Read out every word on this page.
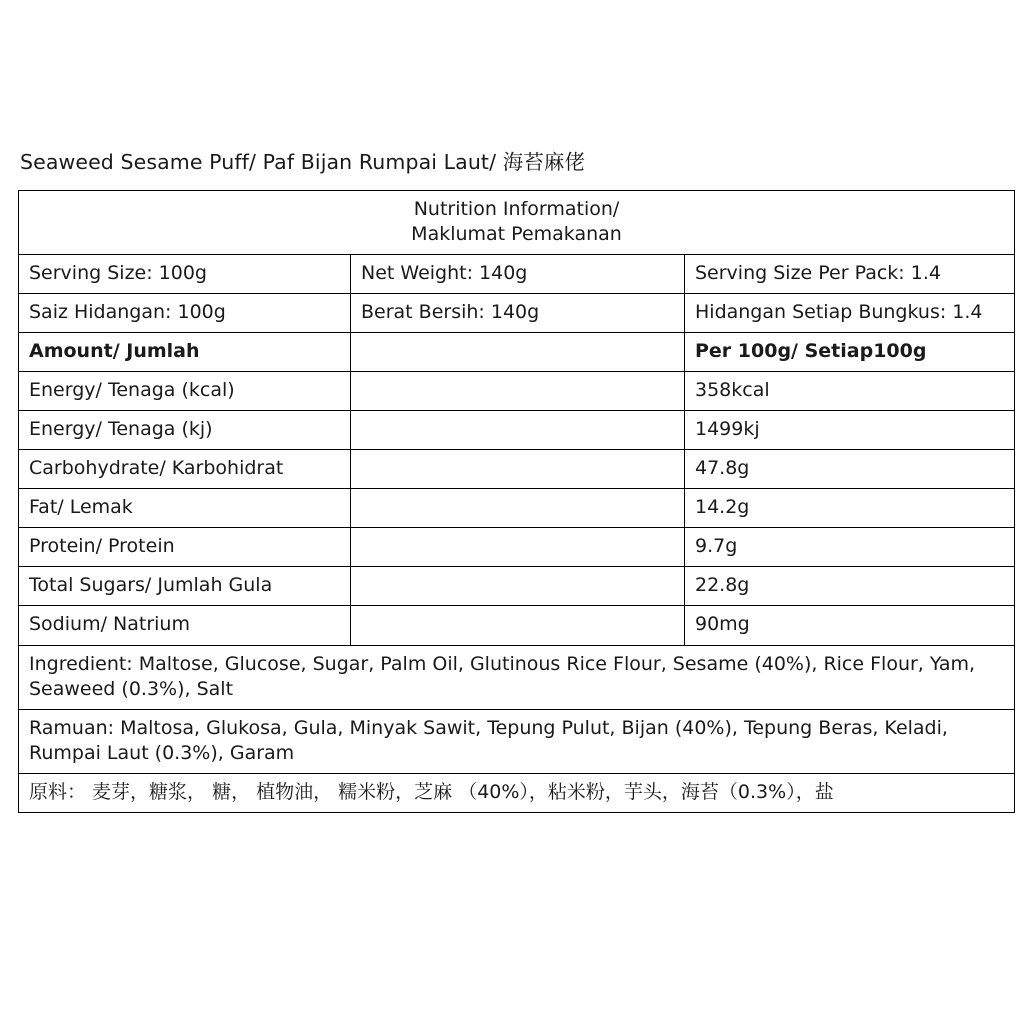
Seaweed Sesame Puff/ Paf Bijan Rumpai Laut/ 海苔麻佬
Nutrition Information/
Maklumat Pemakanan		

Serving Size: 100g	Net Weight: 140g	Serving Size Per Pack: 1.4
Saiz Hidangan: 100g	Berat Bersih: 140g	Hidangan Setiap Bungkus: 1.4
Amount/ Jumlah		Per 100g/ Setiap100g
Energy/ Tenaga (kcal)		358kcal
Energy/ Tenaga (kj)		1499kj
Carbohydrate/ Karbohidrat		47.8g
Fat/ Lemak		14.2g
Protein/ Protein		9.7g
Total Sugars/ Jumlah Gula		22.8g
Sodium/ Natrium		90mg
Ingredient: Maltose, Glucose, Sugar, Palm Oil, Glutinous Rice Flour, Sesame (40%), Rice Flour, Yam, Seaweed (0.3%), Salt		
Ramuan: Maltosa, Glukosa, Gula, Minyak Sawit, Tepung Pulut, Bijan (40%), Tepung Beras, Keladi, Rumpai Laut (0.3%), Garam		
原料： 麦芽，糖浆， 糖， 植物油， 糯米粉，芝麻 （40%），粘米粉，芋头，海苔（0.3%），盐		
